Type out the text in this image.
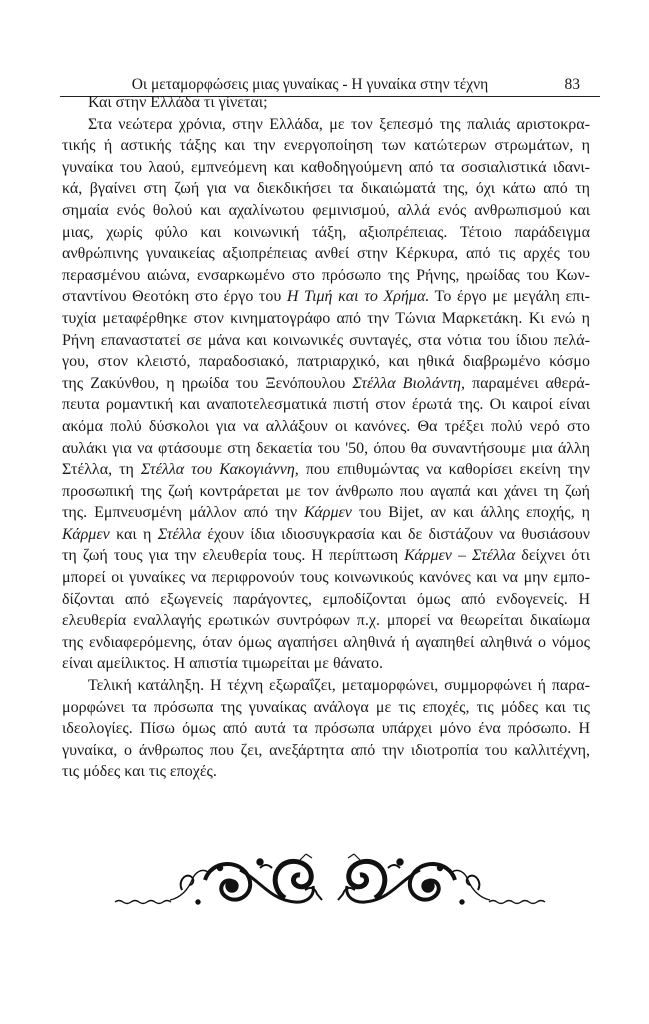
Οι μεταμορφώσεις μιας γυναίκας - Η γυναίκα στην τέχνη	83
Και στην Ελλάδα τι γίνεται;
Στα νεώτερα χρόνια, στην Ελλάδα, με τον ξεπεσμό της παλιάς αριστοκρα-
τικής ή αστικής τάξης και την ενεργοποίηση των κατώτερων στρωμάτων, η
γυναίκα του λαού, εμπνεόμενη και καθοδηγούμενη από τα σοσιαλιστικά ιδανι-
κά, βγαίνει στη ζωή για να διεκδικήσει τα δικαιώματά της, όχι κάτω από τη
σημαία ενός θολού και αχαλίνωτου φεμινισμού, αλλά ενός ανθρωπισμού και
μιας, χωρίς φύλο και κοινωνική τάξη, αξιοπρέπειας. Τέτοιο παράδειγμα
ανθρώπινης γυναικείας αξιοπρέπειας ανθεί στην Κέρκυρα, από τις αρχές του
περασμένου αιώνα, ενσαρκωμένο στο πρόσωπο της Ρήνης, ηρωίδας του Κων-
σταντίνου Θεοτόκη στο έργο του Η Τιμή και το Χρήμα. Το έργο με μεγάλη επι-
τυχία μεταφέρθηκε στον κινηματογράφο από την Τώνια Μαρκετάκη. Κι ενώ η
Ρήνη επαναστατεί σε μάνα και κοινωνικές συνταγές, στα νότια του ίδιου πελά-
γου, στον κλειστό, παραδοσιακό, πατριαρχικό, και ηθικά διαβρωμένο κόσμο
της Ζακύνθου, η ηρωίδα του Ξενόπουλου Στέλλα Βιολάντη, παραμένει αθερά-
πευτα ρομαντική και αναποτελεσματικά πιστή στον έρωτά της. Οι καιροί είναι
ακόμα πολύ δύσκολοι για να αλλάξουν οι κανόνες. Θα τρέξει πολύ νερό στο
αυλάκι για να φτάσουμε στη δεκαετία του '50, όπου θα συναντήσουμε μια άλλη
Στέλλα, τη Στέλλα του Κακογιάννη, που επιθυμώντας να καθορίσει εκείνη την
προσωπική της ζωή κοντράρεται με τον άνθρωπο που αγαπά και χάνει τη ζωή
της. Εμπνευσμένη μάλλον από την Κάρμεν του Bijet, αν και άλλης εποχής, η
Κάρμεν και η Στέλλα έχουν ίδια ιδιοσυγκρασία και δε διστάζουν να θυσιάσουν
τη ζωή τους για την ελευθερία τους. Η περίπτωση Κάρμεν – Στέλλα δείχνει ότι
μπορεί οι γυναίκες να περιφρονούν τους κοινωνικούς κανόνες και να μην εμπο-
δίζονται από εξωγενείς παράγοντες, εμποδίζονται όμως από ενδογενείς. Η
ελευθερία εναλλαγής ερωτικών συντρόφων π.χ. μπορεί να θεωρείται δικαίωμα
της ενδιαφερόμενης, όταν όμως αγαπήσει αληθινά ή αγαπηθεί αληθινά ο νόμος
είναι αμείλικτος. Η απιστία τιμωρείται με θάνατο.
Τελική κατάληξη. Η τέχνη εξωραΐζει, μεταμορφώνει, συμμορφώνει ή παρα-
μορφώνει τα πρόσωπα της γυναίκας ανάλογα με τις εποχές, τις μόδες και τις
ιδεολογίες. Πίσω όμως από αυτά τα πρόσωπα υπάρχει μόνο ένα πρόσωπο. Η
γυναίκα, ο άνθρωπος που ζει, ανεξάρτητα από την ιδιοτροπία του καλλιτέχνη,
τις μόδες και τις εποχές.
